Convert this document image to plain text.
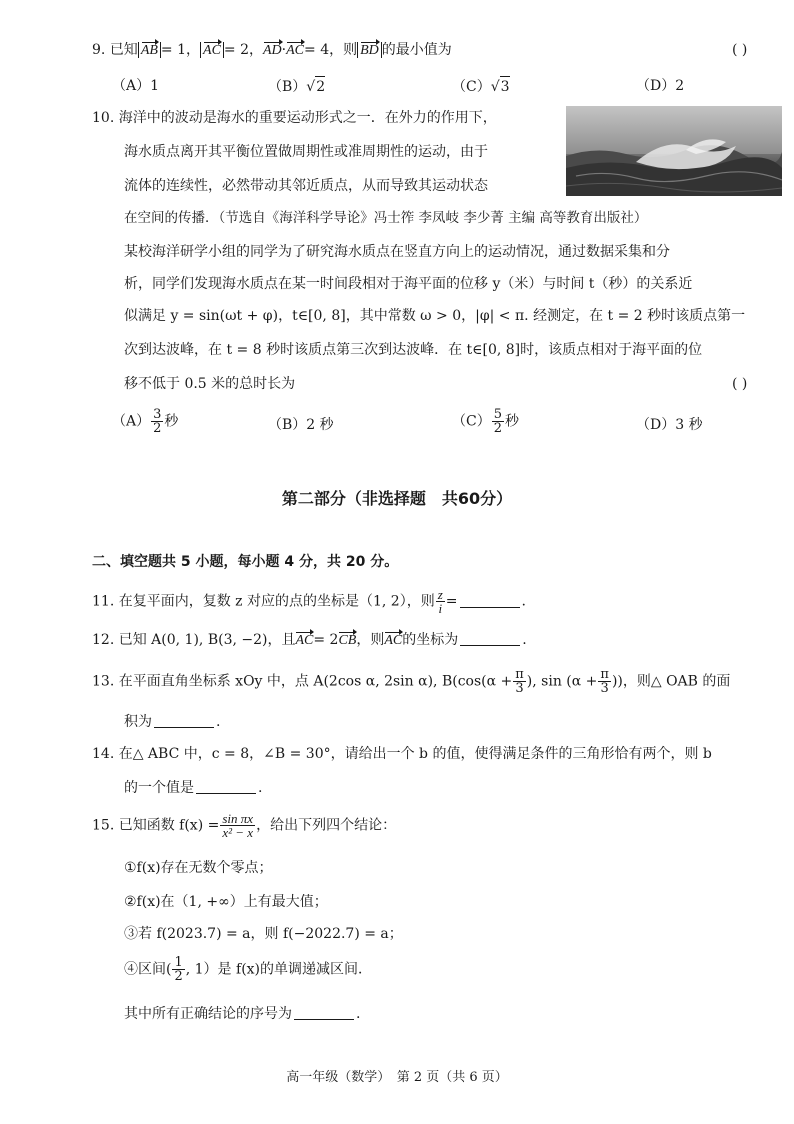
9. 已知 AB = 1， AC = 2，AD·AC= 4，则 BD 的最小值为	( )
（A）1	（B）√2	（C）√3	（D）2
10. 海洋中的波动是海水的重要运动形式之一．在外力的作用下，
海水质点离开其平衡位置做周期性或准周期性的运动，由于
流体的连续性，必然带动其邻近质点，从而导致其运动状态
在空间的传播．（节选自《海洋科学导论》冯士筰 李凤岐 李少菁 主编 高等教育出版社）
某校海洋研学小组的同学为了研究海水质点在竖直方向上的运动情况，通过数据采集和分
析，同学们发现海水质点在某一时间段相对于海平面的位移 y（米）与时间 t（秒）的关系近
似满足 y = sin(ωt + φ)，t∈[0, 8]，其中常数 ω > 0，|φ| < π. 经测定，在 t = 2 秒时该质点第一
次到达波峰，在 t = 8 秒时该质点第三次到达波峰．在 t∈[0, 8]时，该质点相对于海平面的位
移不低于 0.5 米的总时长为	( )
$(A) \frac{3}{2}$ 秒	（B）2 秒	$(C) \frac{5}{2}$ 秒	（D）3 秒
第二部分（非选择题　共60分）
二、填空题共 5 小题，每小题 4 分，共 20 分。
11. 在复平面内，复数 z 对应的点的坐标是（1, 2），则 $\frac{z}{i}$ =	.
12. 已知 A(0, 1), B(3, −2)，且AC= 2CB，则AC的坐标为	.
13. 在平面直角坐标系 xOy 中，点 A(2cos α, 2sin α), $B(\cos(\alpha + \frac{\pi}{3}$ ), $\sin (\alpha + \frac{\pi}{3}$ ))，则△ OAB 的面
积为	.
14. 在△ ABC 中，c = 8，∠B = 30°，请给出一个 b 的值，使得满足条件的三角形恰有两个，则 b
的一个值是	.
15. 已知函数 $f(x) = \frac{\text{sin πx}}{\text{x² − x}}$ ，给出下列四个结论：
①f(x)存在无数个零点；
②f(x)在（1, +∞）上有最大值；
③若 f(2023.7) = a，则 f(−2022.7) = a；
④区间( $\frac{1}{2}$ , 1）是 f(x)的单调递减区间．
其中所有正确结论的序号为	.
高一年级（数学）　第 2 页（共 6 页）
